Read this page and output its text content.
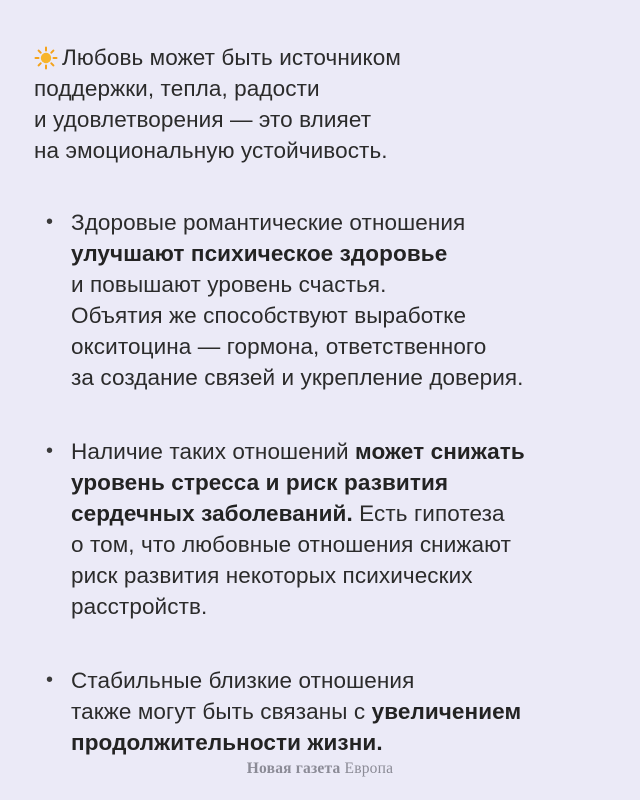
Любовь может быть источником
поддержки, тепла, радости
и удовлетворения — это влияет
на эмоциональную устойчивость.
• Здоровые романтические отношения
улучшают психическое здоровье
и повышают уровень счастья.
Объятия же способствуют выработке
окситоцина — гормона, ответственного
за создание связей и укрепление доверия.
• Наличие таких отношений может снижать
уровень стресса и риск развития
сердечных заболеваний. Есть гипотеза
о том, что любовные отношения снижают
риск развития некоторых психических
расстройств.
• Стабильные близкие отношения
также могут быть связаны с увеличением
продолжительности жизни.
Новая газета Европа
